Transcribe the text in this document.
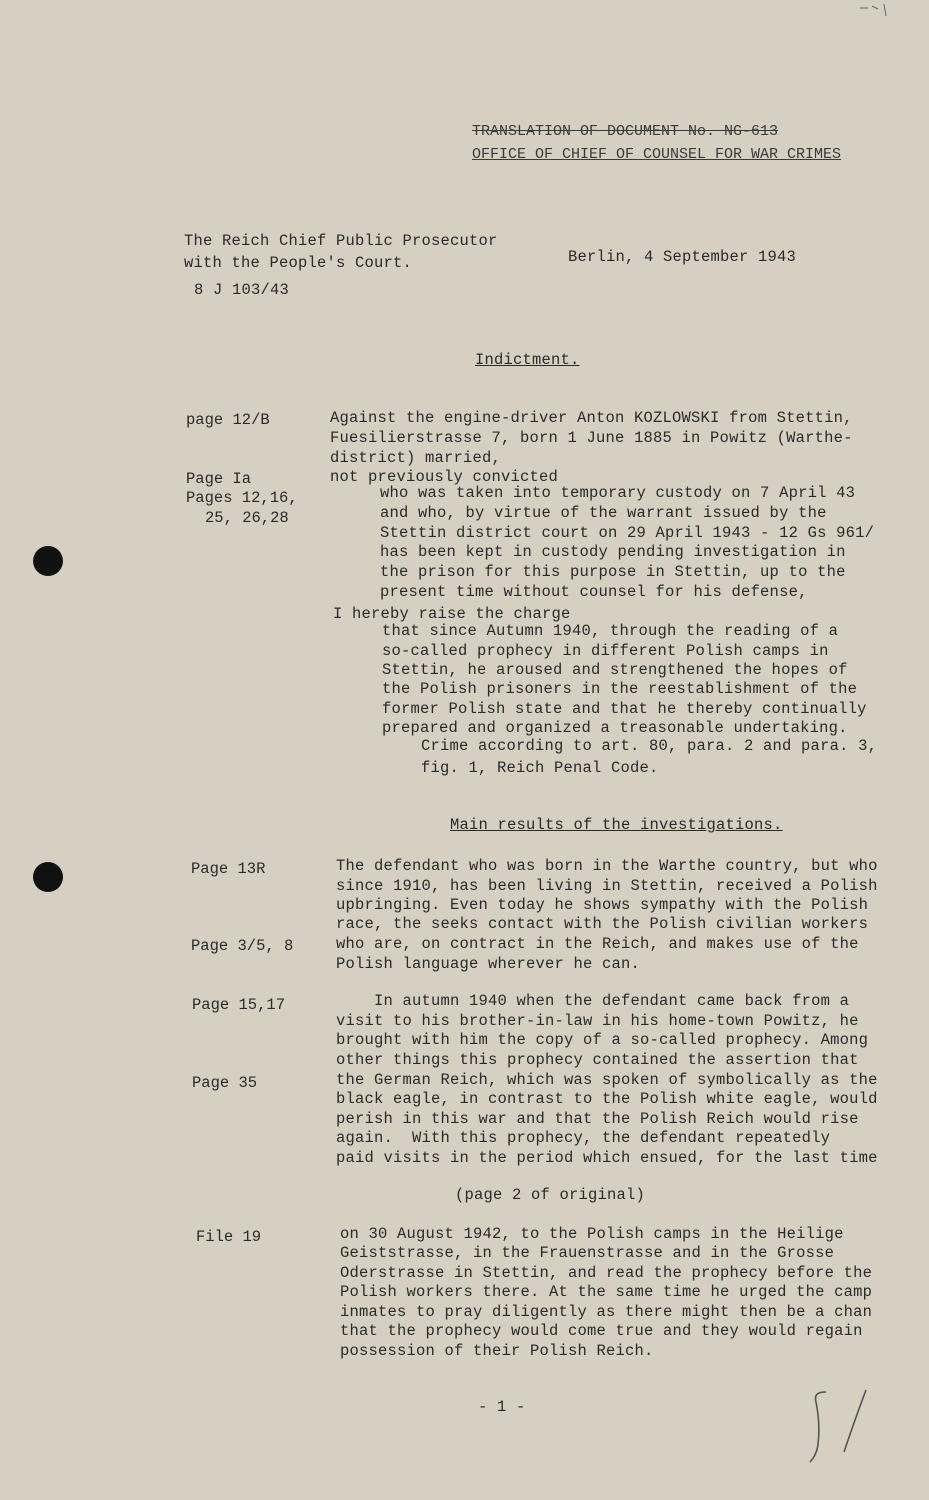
TRANSLATION OF DOCUMENT No. NG-613
OFFICE OF CHIEF OF COUNSEL FOR WAR CRIMES
The Reich Chief Public Prosecutor
with the People's Court.
8 J 103/43
Berlin, 4 September 1943
Indictment.
page 12/B
Page Ia
Pages 12,16,
25, 26,28
Page 13R
Page 3/5, 8
Page 15,17
Page 35
File 19
Against the engine-driver Anton KOZLOWSKI from Stettin,
Fuesilierstrasse 7, born 1 June 1885 in Powitz (Warthe-
district) married,
not previously convicted
who was taken into temporary custody on 7 April 43
and who, by virtue of the warrant issued by the
Stettin district court on 29 April 1943 - 12 Gs 961/
has been kept in custody pending investigation in
the prison for this purpose in Stettin, up to the
present time without counsel for his defense,
I hereby raise the charge
that since Autumn 1940, through the reading of a
so-called prophecy in different Polish camps in
Stettin, he aroused and strengthened the hopes of
the Polish prisoners in the reestablishment of the
former Polish state and that he thereby continually
prepared and organized a treasonable undertaking.
Crime according to art. 80, para. 2 and para. 3,
fig. 1, Reich Penal Code.
Main results of the investigations.
The defendant who was born in the Warthe country, but who
since 1910, has been living in Stettin, received a Polish
upbringing. Even today he shows sympathy with the Polish
race, the seeks contact with the Polish civilian workers
who are, on contract in the Reich, and makes use of the
Polish language wherever he can.
In autumn 1940 when the defendant came back from a
visit to his brother-in-law in his home-town Powitz, he
brought with him the copy of a so-called prophecy. Among
other things this prophecy contained the assertion that
the German Reich, which was spoken of symbolically as the
black eagle, in contrast to the Polish white eagle, would
perish in this war and that the Polish Reich would rise
again.  With this prophecy, the defendant repeatedly
paid visits in the period which ensued, for the last time
(page 2 of original)
on 30 August 1942, to the Polish camps in the Heilige
Geiststrasse, in the Frauenstrasse and in the Grosse
Oderstrasse in Stettin, and read the prophecy before the
Polish workers there. At the same time he urged the camp
inmates to pray diligently as there might then be a chan
that the prophecy would come true and they would regain
possession of their Polish Reich.
- 1 -
